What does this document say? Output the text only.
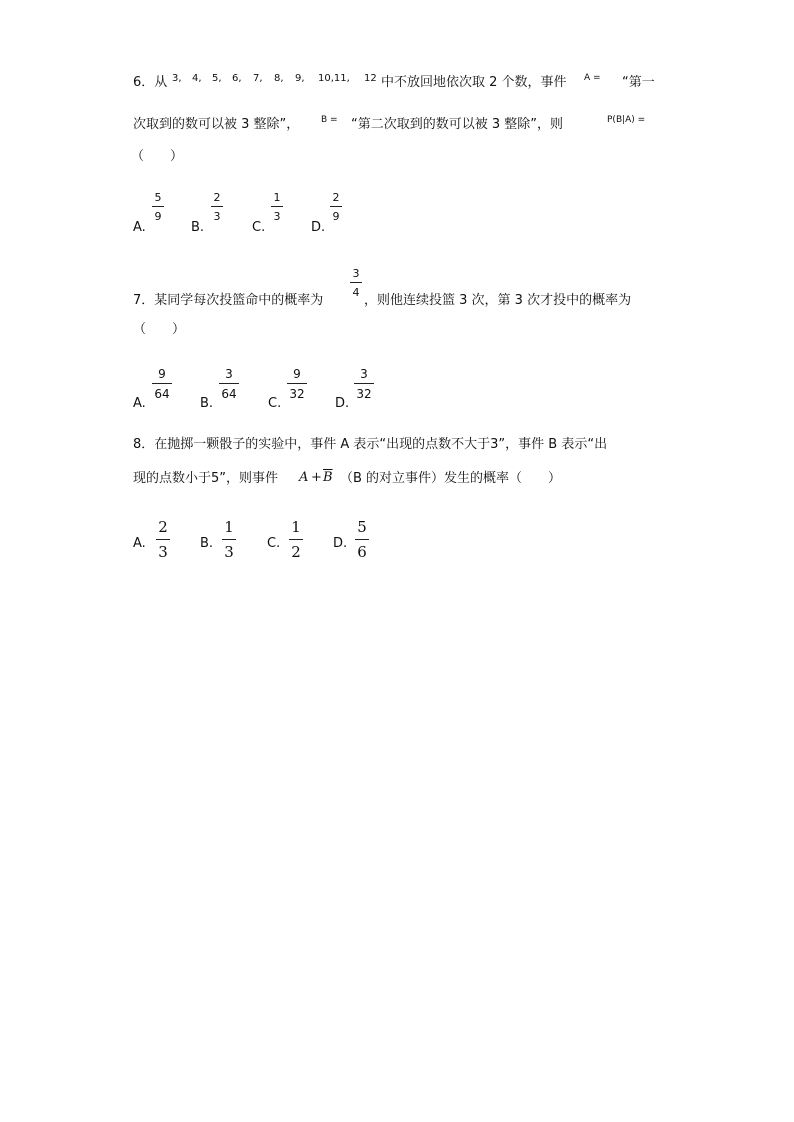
6．从 3, 4, 5, 6, 7, 8, 9, 10,11, 12 中不放回地依次取 2 个数，事件 A = “第一
次取到的数可以被 3 整除”， B = “第二次取到的数可以被 3 整除”，则	P(B|A) =
（　　）
A.
5
9
B.
2
3
C.
1
3
D.
2
9
7．某同学每次投篮命中的概率为
3
4
，则他连续投篮 3 次，第 3 次才投中的概率为
（　　）
A.
9
64
B.
3
64
C.
9
32
D.
3
32
8．在抛掷一颗骰子的实验中，事件 A 表示“出现的点数不大于3”，事件 B 表示“出
现的点数小于5”，则事件 $A + \overline{B}$ （B 的对立事件）发生的概率（　　）
A.
2
3 B.
1
3	C.
1
2 D.
5
6
